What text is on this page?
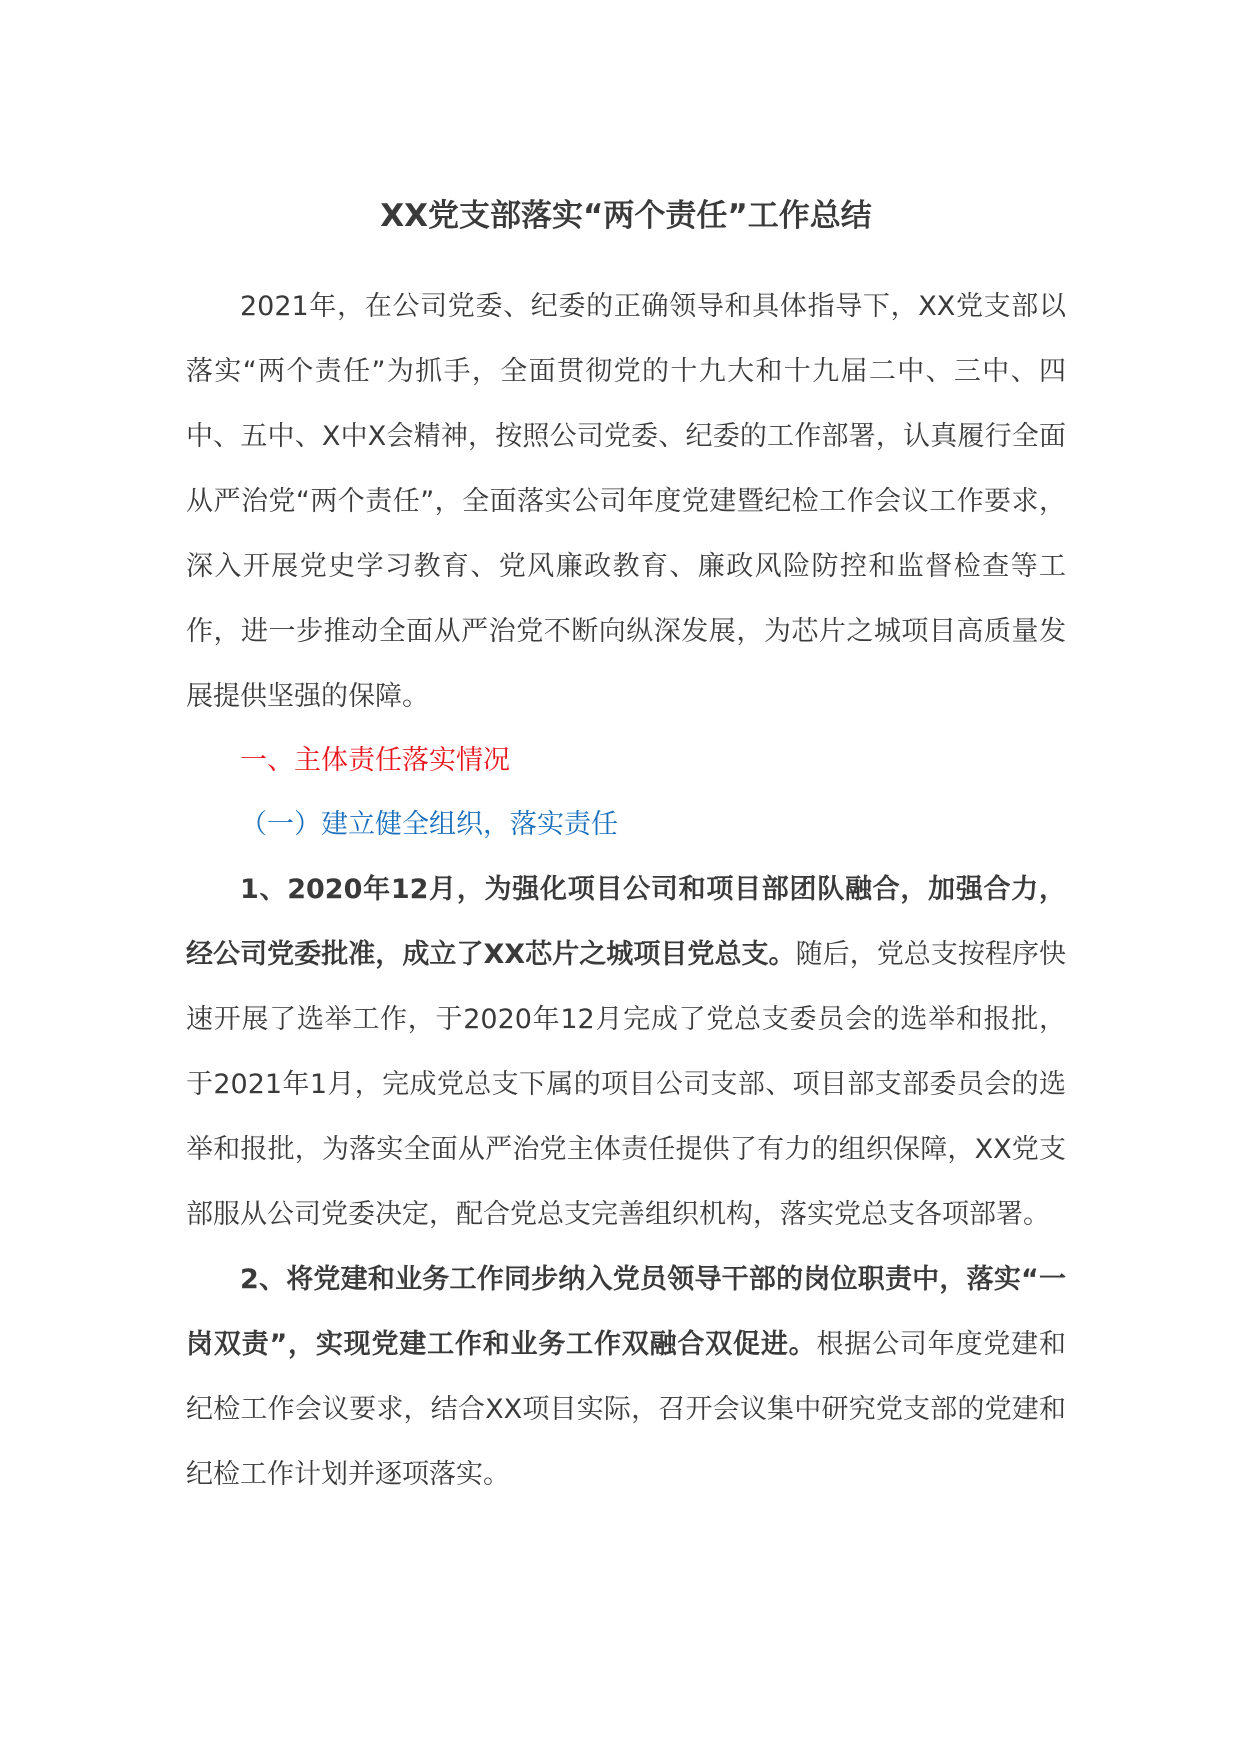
XX党支部落实“两个责任”工作总结

2021年，在公司党委、纪委的正确领导和具体指导下，XX党支部以落实“两个责任”为抓手，全面贯彻党的十九大和十九届二中、三中、四中、五中、X中X会精神，按照公司党委、纪委的工作部署，认真履行全面从严治党“两个责任”，全面落实公司年度党建暨纪检工作会议工作要求，深入开展党史学习教育、党风廉政教育、廉政风险防控和监督检查等工作，进一步推动全面从严治党不断向纵深发展，为芯片之城项目高质量发展提供坚强的保障。

一、主体责任落实情况

（一）建立健全组织，落实责任

1、2020年12月，为强化项目公司和项目部团队融合，加强合力，经公司党委批准，成立了XX芯片之城项目党总支。随后，党总支按程序快速开展了选举工作，于2020年12月完成了党总支委员会的选举和报批，于2021年1月，完成党总支下属的项目公司支部、项目部支部委员会的选举和报批，为落实全面从严治党主体责任提供了有力的组织保障，XX党支部服从公司党委决定，配合党总支完善组织机构，落实党总支各项部署。

2、将党建和业务工作同步纳入党员领导干部的岗位职责中，落实“一岗双责”，实现党建工作和业务工作双融合双促进。根据公司年度党建和纪检工作会议要求，结合XX项目实际，召开会议集中研究党支部的党建和纪检工作计划并逐项落实。
